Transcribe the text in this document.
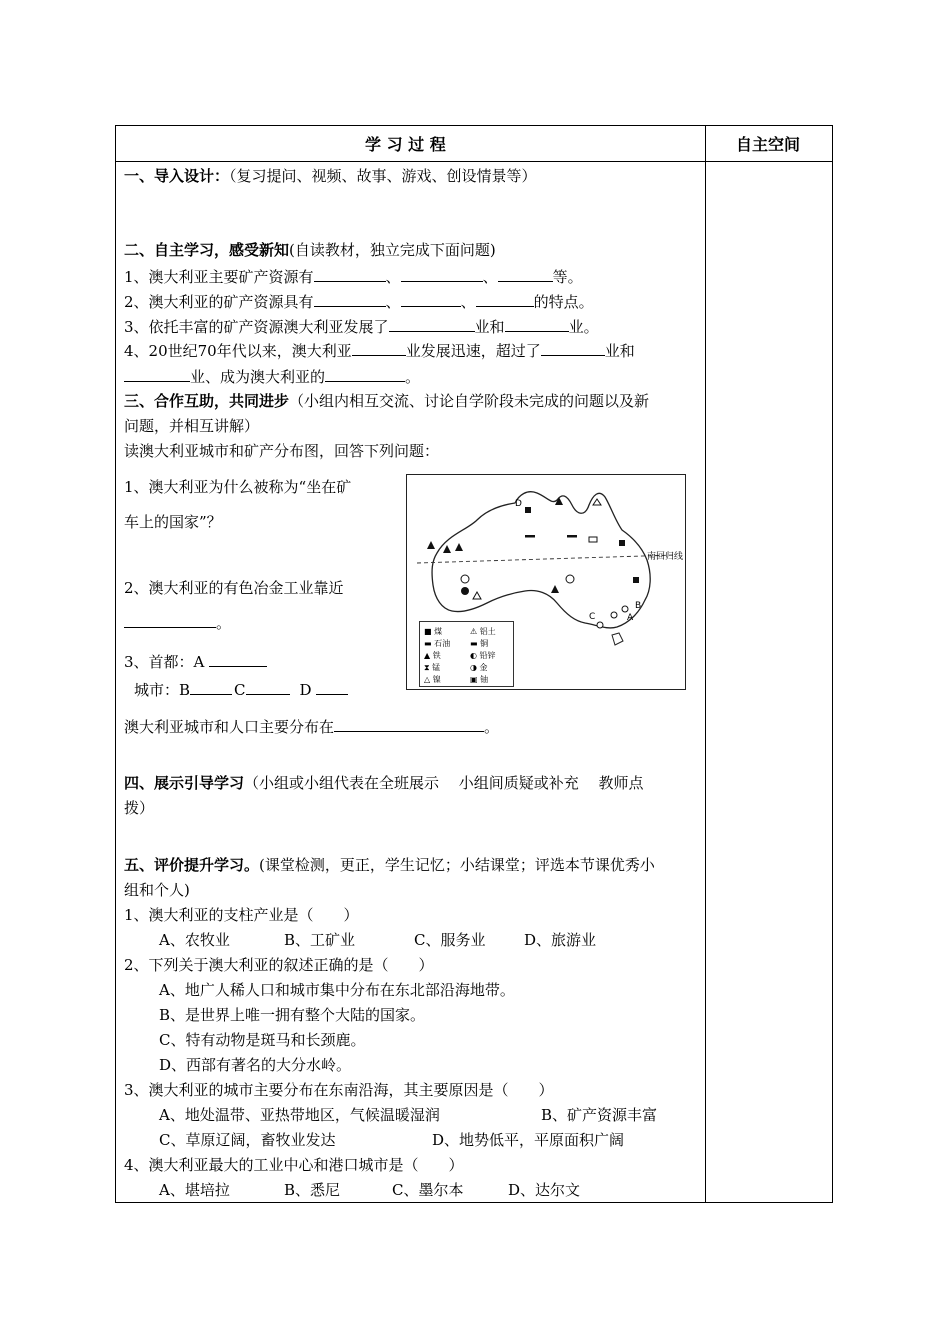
学 习 过 程	自主空间
一、导入设计：（复习提问、视频、故事、游戏、创设情景等）
二、自主学习，感受新知(自读教材，独立完成下面问题)
1、澳大利亚主要矿产资源有	、	、	等。
2、澳大利亚的矿产资源具有	、	、	的特点。
3、依托丰富的矿产资源澳大利亚发展了	业和	业。
4、20世纪70年代以来，澳大利亚	业发展迅速，超过了	业和
业、成为澳大利亚的	。
三、合作互助，共同进步（小组内相互交流、讨论自学阶段未完成的问题以及新
问题，并相互讲解）
读澳大利亚城市和矿产分布图，回答下列问题：
1、澳大利亚为什么被称为“坐在矿
车上的国家”？
2、澳大利亚的有色冶金工业靠近
。
3、首都：A
城市：B	C	D
澳大利亚城市和人口主要分布在	。
南回归线
A
B
C
D
■ 煤	⚠ 铝土
▬ 石油 ▬ 铜
▲ 铁	◐ 铅锌
⧗ 锰	◑ 金
△ 镍	▣ 铀
四、展示引导学习（小组或小组代表在全班展示　 小组间质疑或补充　 教师点
拨）
五、评价提升学习。(课堂检测，更正，学生记忆；小结课堂；评选本节课优秀小
组和个人)
1、澳大利亚的支柱产业是（　　）
A、农牧业	B、工矿业	C、服务业	D、旅游业
2、下列关于澳大利亚的叙述正确的是（　　）
A、地广人稀人口和城市集中分布在东北部沿海地带。
B、是世界上唯一拥有整个大陆的国家。
C、特有动物是斑马和长颈鹿。
D、西部有著名的大分水岭。
3、澳大利亚的城市主要分布在东南沿海，其主要原因是（　　）
A、地处温带、亚热带地区，气候温暖湿润	B、矿产资源丰富
C、草原辽阔，畜牧业发达	D、地势低平，平原面积广阔
4、澳大利亚最大的工业中心和港口城市是（　　）
A、堪培拉	B、悉尼	C、墨尔本	D、达尔文
